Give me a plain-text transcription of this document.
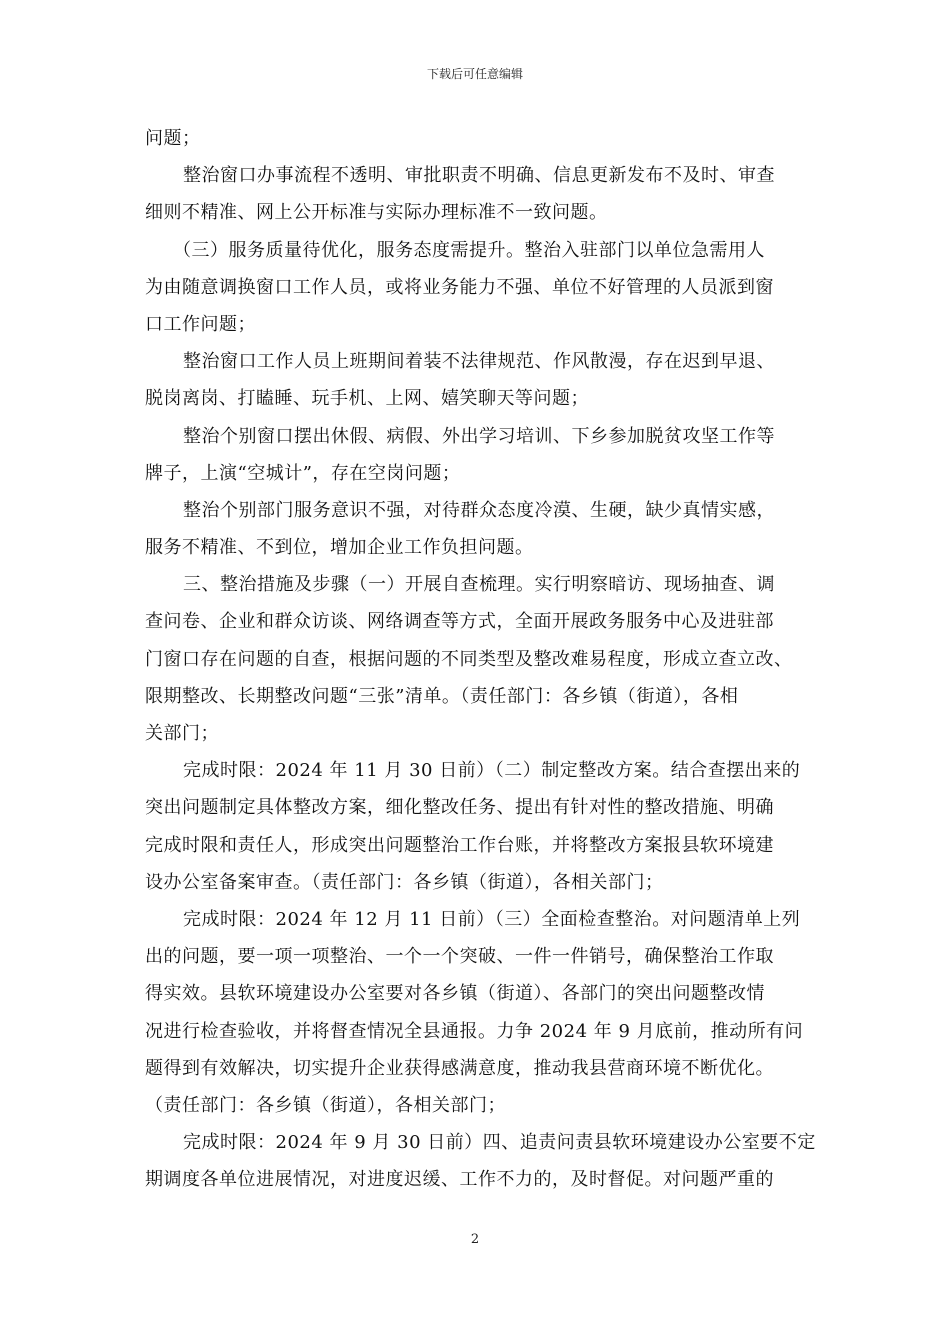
下载后可任意编辑
问题；
整治窗口办事流程不透明、审批职责不明确、信息更新发布不及时、审查
细则不精准、网上公开标准与实际办理标准不一致问题。
（三）服务质量待优化，服务态度需提升。整治入驻部门以单位急需用人
为由随意调换窗口工作人员，或将业务能力不强、单位不好管理的人员派到窗
口工作问题；
整治窗口工作人员上班期间着装不法律规范、作风散漫，存在迟到早退、
脱岗离岗、打瞌睡、玩手机、上网、嬉笑聊天等问题；
整治个别窗口摆出休假、病假、外出学习培训、下乡参加脱贫攻坚工作等
牌子，上演“空城计”，存在空岗问题；
整治个别部门服务意识不强，对待群众态度冷漠、生硬，缺少真情实感，
服务不精准、不到位，增加企业工作负担问题。
三、整治措施及步骤（一）开展自查梳理。实行明察暗访、现场抽查、调
查问卷、企业和群众访谈、网络调查等方式，全面开展政务服务中心及进驻部
门窗口存在问题的自查，根据问题的不同类型及整改难易程度，形成立查立改、
限期整改、长期整改问题“三张”清单。（责任部门：各乡镇（街道），各相
关部门；
完成时限：2024 年 11 月 30 日前）（二）制定整改方案。结合查摆出来的
突出问题制定具体整改方案，细化整改任务、提出有针对性的整改措施、明确
完成时限和责任人，形成突出问题整治工作台账，并将整改方案报县软环境建
设办公室备案审查。（责任部门：各乡镇（街道），各相关部门；
完成时限：2024 年 12 月 11 日前）（三）全面检查整治。对问题清单上列
出的问题，要一项一项整治、一个一个突破、一件一件销号，确保整治工作取
得实效。县软环境建设办公室要对各乡镇（街道）、各部门的突出问题整改情
况进行检查验收，并将督查情况全县通报。力争 2024 年 9 月底前，推动所有问
题得到有效解决，切实提升企业获得感满意度，推动我县营商环境不断优化。
（责任部门：各乡镇（街道），各相关部门；
完成时限：2024 年 9 月 30 日前）四、追责问责县软环境建设办公室要不定
期调度各单位进展情况，对进度迟缓、工作不力的，及时督促。对问题严重的
2
